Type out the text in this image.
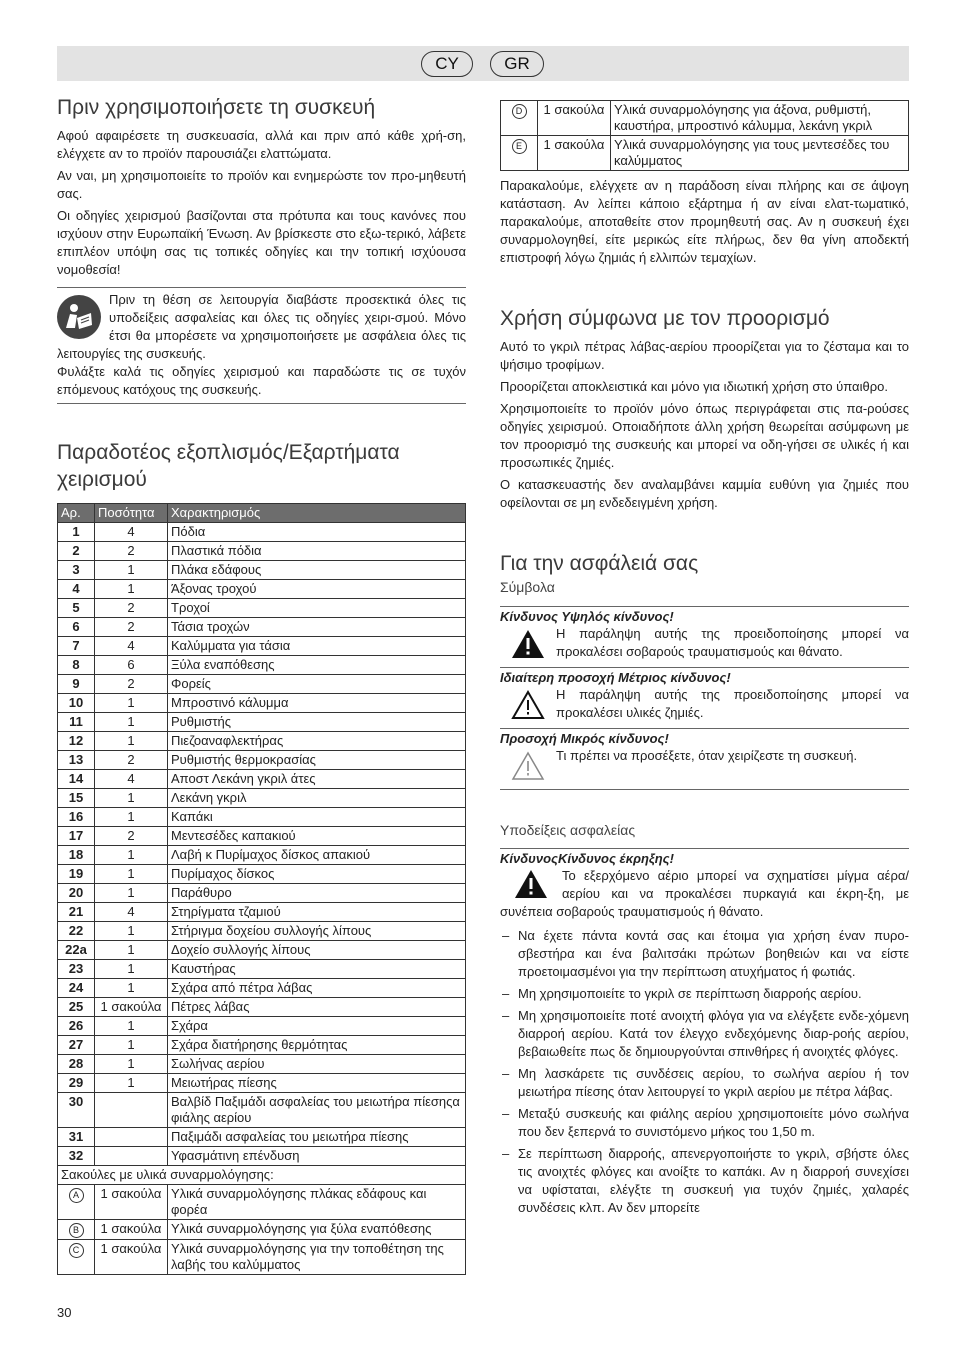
CY	GR
Πριν χρησιμοποιήσετε τη συσκευή

Αφού αφαιρέσετε τη συσκευασία, αλλά και πριν από κάθε χρή-ση, ελέγχετε αν το προϊόν παρουσιάζει ελαττώματα.

Αν ναι, μη χρησιμοποιείτε το προϊόν και ενημερώστε τον προ-μηθευτή σας.

Οι οδηγίες χειρισμού βασίζονται στα πρότυπα και τους κανόνες που ισχύουν στην Ευρωπαϊκή Ένωση. Αν βρίσκεστε στο εξω-τερικό, λάβετε επιπλέον υπόψη σας τις τοπικές οδηγίες και την τοπική ισχύουσα νομοθεσία!

Πριν τη θέση σε λειτουργία διαβάστε προσεκτικά όλες τις υποδείξεις ασφαλείας και όλες τις οδηγίες χειρι-σμού. Μόνο έτσι θα μπορέσετε να χρησιμοποιήσετε με ασφάλεια όλες τις λειτουργίες της συσκευής.

Φυλάξτε καλά τις οδηγίες χειρισμού και παραδώστε τις σε τυχόν επόμενους κατόχους της συσκευής.

Παραδοτέος εξοπλισμός/Εξαρτήματα χειρισμού
Αρ.	Ποσότητα	Χαρακτηρισμός
1	4	Πόδια
2	2	Πλαστικά πόδια
3	1	Πλάκα εδάφους
4	1	Άξονας τροχού
5	2	Τροχοί
6	2	Τάσια τροχών
7	4	Καλύμματα για τάσια
8	6	Ξύλα εναπόθεσης
9	2	Φορείς
10	1	Μπροστινό κάλυμμα
11	1	Ρυθμιστής
12	1	Πιεζοαναφλεκτήρας
13	2	Ρυθμιστής θερμοκρασίας
14	4	Αποστ Λεκάνη γκριλ άτες
15	1	Λεκάνη γκριλ
16	1	Καπάκι
17	2	Μεντεσέδες καπακιού
18	1	Λαβή κ Πυρίμαχος δίσκος απακιού
19	1	Πυρίμαχος δίσκος
20	1	Παράθυρο
21	4	Στηρίγματα τζαμιού
22	1	Στήριγμα δοχείου συλλογής λίπους
22a	1	Δοχείο συλλογής λίπους
23	1	Καυστήρας
24	1	Σχάρα από πέτρα λάβας
25	1 σακούλα	Πέτρες λάβας
26	1	Σχάρα
27	1	Σχάρα διατήρησης θερμότητας
28	1	Σωλήνας αερίου
29	1	Μειωτήρας πίεσης
30		Βαλβίδ Παξιμάδι ασφαλείας του μειωτήρα πίεσηςα φιάλης αερίου
31		Παξιμάδι ασφαλείας του μειωτήρα πίεσης
32		Υφασμάτινη επένδυση
Σακούλες με υλικά συναρμολόγησης:		
A	1 σακούλα	Υλικά συναρμολόγησης πλάκας εδάφους και φορέα
B	1 σακούλα	Υλικά συναρμολόγησης για ξύλα εναπόθεσης
C	1 σακούλα	Υλικά συναρμολόγησης για την τοποθέτηση της λαβής του καλύμματος
D	1 σακούλα	Υλικά συναρμολόγησης για άξονα, ρυθμιστή, καυστήρα, μπροστινό κάλυμμα, λεκάνη γκριλ
E	1 σακούλα	Υλικά συναρμολόγησης για τους μεντεσέδες του καλύμματος

Παρακαλούμε, ελέγχετε αν η παράδοση είναι πλήρης και σε άψογη κατάσταση. Αν λείπει κάποιο εξάρτημα ή αν είναι ελατ-τωματικό, παρακαλούμε, αποταθείτε στον προμηθευτή σας. Αν η συσκευή έχει συναρμολογηθεί, είτε μερικώς είτε πλήρως, δεν θα γίνη αποδεκτή επιστροφή λόγω ζημιάς ή ελλιπών τεμαχίων.

Χρήση σύμφωνα με τον προορισμό

Αυτό το γκριλ πέτρας λάβας-αερίου προορίζεται για το ζέσταμα και το ψήσιμο τροφίμων.

Προορίζεται αποκλειστικά και μόνο για ιδιωτική χρήση στο ύπαιθρο.

Χρησιμοποιείτε το προϊόν μόνο όπως περιγράφεται στις πα-ρούσες οδηγίες χειρισμού. Οποιαδήποτε άλλη χρήση θεωρείται ασύμφωνη με τον προορισμό της συσκευής και μπορεί να οδη-γήσει σε υλικές ή και προσωπικές ζημιές.

Ο κατασκευαστής δεν αναλαμβάνει καμμία ευθύνη για ζημιές που οφείλονται σε μη ενδεδειγμένη χρήση.

Για την ασφάλειά σας
Σύμβολα
Κίνδυνος Υψηλός κίνδυνος!

Η παράληψη αυτής της προειδοποίησης μπορεί να προκαλέσει σοβαρούς τραυματισμούς και θάνατο.

Ιδιαίτερη προσοχή Μέτριος κίνδυνος!

Η παράληψη αυτής της προειδοποίησης μπορεί να προκαλέσει υλικές ζημιές.

Προσοχή Μικρός κίνδυνος!

Τι πρέπει να προσέξετε, όταν χειρίζεστε τη συσκευή.

Υποδείξεις ασφαλείας
ΚίνδυνοςΚίνδυνος έκρηξης!

Το εξερχόμενο αέριο μπορεί να σχηματίσει μίγμα αέρα/αερίου και να προκαλέσει πυρκαγιά και έκρη-ξη, με συνέπεια σοβαρούς τραυματισμούς ή θάνατο.

– Να έχετε πάντα κοντά σας και έτοιμα για χρήση έναν πυρο-σβεστήρα και ένα βαλιτσάκι πρώτων βοηθειών και να είστε προετοιμασμένοι για την περίπτωση ατυχήματος ή φωτιάς.
– Μη χρησιμοποιείτε το γκριλ σε περίπτωση διαρροής αερίου.
– Μη χρησιμοποιείτε ποτέ ανοιχτή φλόγα για να ελέγξετε ενδε-χόμενη διαρροή αερίου. Κατά τον έλεγχο ενδεχόμενης διαρ-ροής αερίου, βεβαιωθείτε πως δε δημιουργούνται σπινθήρες ή ανοιχτές φλόγες.
– Μη λασκάρετε τις συνδέσεις αερίου, το σωλήνα αερίου ή τον μειωτήρα πίεσης όταν λειτουργεί το γκριλ αερίου με πέτρα λάβας.
– Μεταξύ συσκευής και φιάλης αερίου χρησιμοποιείτε μόνο σωλήνα που δεν ξεπερνά το συνιστόμενο μήκος του 1,50 m.
– Σε περίπτωση διαρροής, απενεργοποιήστε το γκριλ, σβήστε όλες τις ανοιχτές φλόγες και ανοίξτε το καπάκι. Αν η διαρροή συνεχίσει να υφίσταται, ελέγξτε τη συσκευή για τυχόν ζημιές, χαλαρές συνδέσεις κλπ. Αν δεν μπορείτε
30
